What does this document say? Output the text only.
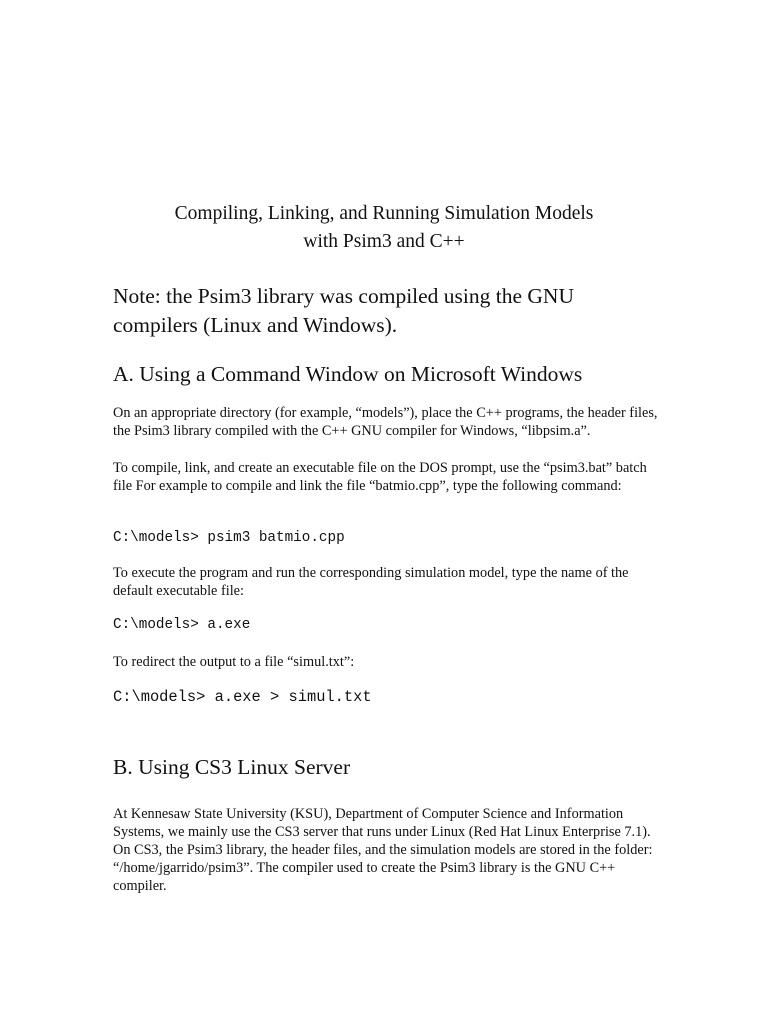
Compiling, Linking, and Running Simulation Models
with Psim3 and C++

Note: the Psim3 library was compiled using the GNU compilers (Linux and Windows).

A. Using a Command Window on Microsoft Windows

On an appropriate directory (for example, “models”), place the C++ programs, the header files, the Psim3 library compiled with the C++ GNU compiler for Windows, “libpsim.a”.

To compile, link, and create an executable file on the DOS prompt, use the “psim3.bat” batch file For example to compile and link the file “batmio.cpp”, type the following command:

C:\models> psim3 batmio.cpp

To execute the program and run the corresponding simulation model, type the name of the default executable file:

C:\models> a.exe

To redirect the output to a file “simul.txt”:

C:\models> a.exe > simul.txt

B. Using CS3 Linux Server

At Kennesaw State University (KSU), Department of Computer Science and Information Systems, we mainly use the CS3 server that runs under Linux (Red Hat Linux Enterprise 7.1). On CS3, the Psim3 library, the header files, and the simulation models are stored in the folder: “/home/jgarrido/psim3”. The compiler used to create the Psim3 library is the GNU C++ compiler.
